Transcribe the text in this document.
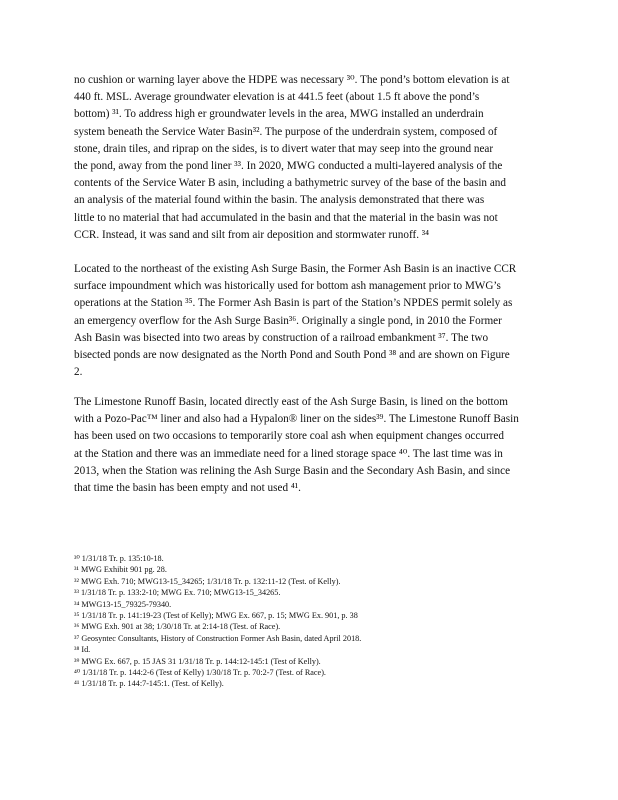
no cushion or warning layer above the HDPE was necessary ³⁰. The pond’s bottom elevation is at
440 ft. MSL. Average groundwater elevation is at 441.5 feet (about 1.5 ft above the pond’s
bottom) ³¹. To address high er groundwater levels in the area, MWG installed an underdrain
system beneath the Service Water Basin³². The purpose of the underdrain system, composed of
stone, drain tiles, and riprap on the sides, is to divert water that may seep into the ground near
the pond, away from the pond liner ³³. In 2020, MWG conducted a multi-layered analysis of the
contents of the Service Water B asin, including a bathymetric survey of the base of the basin and
an analysis of the material found within the basin. The analysis demonstrated that there was
little to no material that had accumulated in the basin and that the material in the basin was not
CCR. Instead, it was sand and silt from air deposition and stormwater runoff. ³⁴
Located to the northeast of the existing Ash Surge Basin, the Former Ash Basin is an inactive CCR
surface impoundment which was historically used for bottom ash management prior to MWG’s
operations at the Station ³⁵. The Former Ash Basin is part of the Station’s NPDES permit solely as
an emergency overflow for the Ash Surge Basin³⁶. Originally a single pond, in 2010 the Former
Ash Basin was bisected into two areas by construction of a railroad embankment ³⁷. The two
bisected ponds are now designated as the North Pond and South Pond ³⁸ and are shown on Figure
2.
The Limestone Runoff Basin, located directly east of the Ash Surge Basin, is lined on the bottom
with a Pozo-Pac™ liner and also had a Hypalon® liner on the sides³⁹. The Limestone Runoff Basin
has been used on two occasions to temporarily store coal ash when equipment changes occurred
at the Station and there was an immediate need for a lined storage space ⁴⁰. The last time was in
2013, when the Station was relining the Ash Surge Basin and the Secondary Ash Basin, and since
that time the basin has been empty and not used ⁴¹.
³⁰ 1/31/18 Tr. p. 135:10-18.
³¹ MWG Exhibit 901 pg. 28.
³² MWG Exh. 710; MWG13-15_34265; 1/31/18 Tr. p. 132:11-12 (Test. of Kelly).
³³ 1/31/18 Tr. p. 133:2-10; MWG Ex. 710; MWG13-15_34265.
³⁴ MWG13-15_79325-79340.
³⁵ 1/31/18 Tr. p. 141:19-23 (Test of Kelly); MWG Ex. 667, p. 15; MWG Ex. 901, p. 38
³⁶ MWG Exh. 901 at 38; 1/30/18 Tr. at 2:14-18 (Test. of Race).
³⁷ Geosyntec Consultants, History of Construction Former Ash Basin, dated April 2018.
³⁸ Id.
³⁹ MWG Ex. 667, p. 15 JAS 31 1/31/18 Tr. p. 144:12-145:1 (Test of Kelly).
⁴⁰ 1/31/18 Tr. p. 144:2-6 (Test of Kelly) 1/30/18 Tr. p. 70:2-7 (Test. of Race).
⁴¹ 1/31/18 Tr. p. 144:7-145:1. (Test. of Kelly).
